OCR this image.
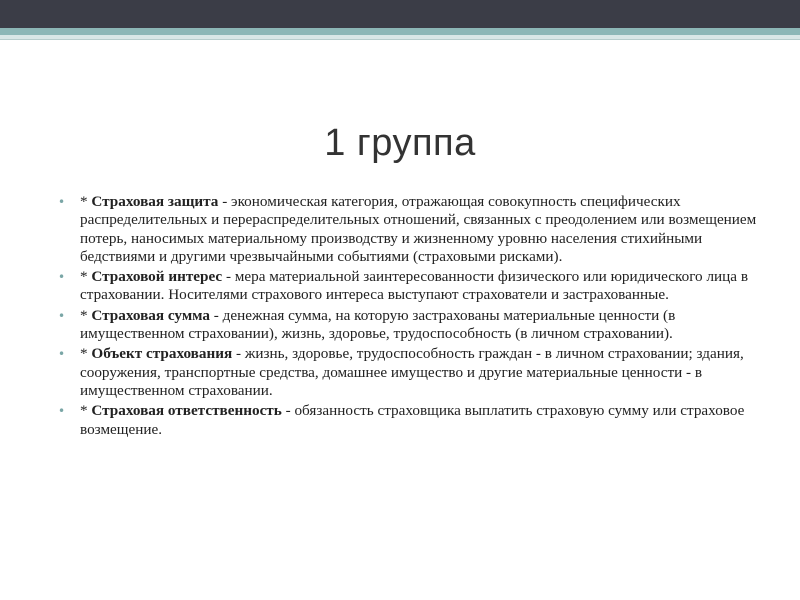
1 группа
• * Страховая защита - экономическая категория, отражающая совокупность специфических распределительных и перераспределительных отношений, связанных с преодолением или возмещением потерь, наносимых материальному производству и жизненному уровню населения стихийными бедствиями и другими чрезвычайными событиями (страховыми рисками).
• * Страховой интерес - мера материальной заинтересованности физического или юридического лица в страховании. Носителями страхового интереса выступают страхователи и застрахованные.
• * Страховая сумма - денежная сумма, на которую застрахованы материальные ценности (в имущественном страховании), жизнь, здоровье, трудоспособность (в личном страховании).
• * Объект страхования - жизнь, здоровье, трудоспособность граждан - в личном страховании; здания, сооружения, транспортные средства, домашнее имущество и другие материальные ценности - в имущественном страховании.
• * Страховая ответственность - обязанность страховщика выплатить страховую сумму или страховое возмещение.
